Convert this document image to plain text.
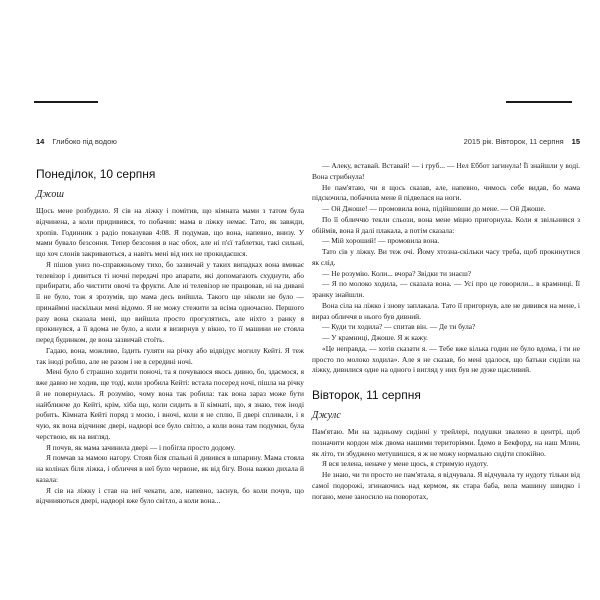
14 Глибоко під водою
Понеділок, 10 серпня
Джош

Щось мене розбудило. Я сів на ліжку і помітив, що кімната мами з татом була відчинена, а коли придивився, то побачив: мама в ліжку немає. Тато, як завжди, хропів. Годинник з радіо показував 4:08. Я подумав, що вона, напевно, внизу. У мами бувало безсоння. Тепер безсоння в нас обох, але ні п'єї таблетки, такі сильні, що хоч слонів закриваються, а навіть мені від них не прокидаєшся.

Я пішов униз по-справжньому тихо, бо зазвичай у таких випадках вона вмикає телевізор і дивиться ті ночні передачі про апарати, які допомагають схуднути, або прибирати, або чистити овочі та фрукти. Але ні телевізор не працював, ні на дивані її не було, тож я зрозумів, що мама десь вийшла. Такого ще ніколи не було — принаймні наскільки мені відомо. Я не можу стежити за всіма одночасно. Першого разу вона сказала мені, що вийшла просто прогулятись, але ніхто з ранку я прокинувся, а її вдома не було, а коли я визирнув у вікно, то її машини не стояла перед будинком, де вона зазвичай стоїть.

Гадаю, вона, можливо, їздить гуляти на річку або відвідує могилу Кейті. Я теж так іноді роблю, але не разом і не в середині ночі.

Мені було б страшно ходити поночі, та я почуваюся якось дивно, бо, здаємося, я вже давно не ходив, ще тоді, коли зробила Кейті: встала посеред ночі, пішла на річку й не повернулась. Я розумію, чому вона так робила: так вона зараз може бути найближче до Кейті, крім, хіба що, коли сидить в її кімнаті, що, я знаю, теж іноді робить. Кімната Кейті поряд з моєю, і вночі, коли я не сплю, її двері спливали, і я чую, як вона відчиняє двері, надворі все було світло, а коли вона там подумки, була черствою, як на вигляд.

Я почув, як мама зачинила двері — і побігла просто додому.

Я помчав за мамою нагору. Стояв біля спальні й дивився в шпарину. Мама стояла на колінах біля ліжка, і обличчя в неї було червоне, як від бігу. Вона важко дихала й казала:

Я сів на ліжку і став на неї чекати, але, напевно, заснув, бо коли почув, що відчиняються двері, надворі вже було світло, а коли вона...

2015 рік. Вівторок, 11 серпня 15

— Алеку, вставай. Вставай! — і груб... — Нел Еббот загинула! Її знайшли у воді. Вона стрибнула!

Не пам'ятаю, чи я щось сказав, але, напевно, чимось себе видав, бо мама підскочила, побачила мене й підвелася на ноги.

— Ой Джоше! — промовила вона, підійшовши до мене. — Ой Джоше.

По її обличчю текли сльози, вона мене міцно пригорнула. Коли я звільнився з обіймів, вона й далі плакала, а потім сказала:

— Мій хороший! — промовила вона.

Тато сів у ліжку. Ви теж очі. Йому хтозна-скільки часу треба, щоб прокинутися як слід.

— Не розумію. Коли... вчора? Звідки ти знаєш?

— Я по молоко ходила, — сказала вона. — Усі про це говорили... в крамниці. Її зранку знайшли.

Вона сіла на ліжко і знову заплакала. Тато її пригорнув, але не дивився на мене, і вираз обличчя в нього був дивний.

— Куди ти ходила? — спитав він. — Де ти була?

— У крамниці, Джоше. Я ж кажу.

«Це неправда, — хотів сказати я. — Тебе вже кілька годин не було вдома, і ти не просто по молоко ходила». Але я не сказав, бо мені здалося, що батьки сиділи на ліжку, дивилися одне на одного і вигляд у них був не дуже щасливий.

Вівторок, 11 серпня
Джулс

Пам'ятаю. Ми на задньому сидінні у трейлері, подушки звалено в центрі, щоб позначити кордон між двома нашими територіями. Їдемо в Бекфорд, на наш Млин, як літо, ти збуджено метушишся, я ж не можу нормально сидіти спокійно.

Я вся зелена, неначе у мене щось, я стримую нудоту.

Не знаю, чи ти просто не пам'ятала, я відчувала. Я відчувала ту нудоту тільки від самої подорожі, згинаючись над кермом, як стара баба, вела машину швидко і погано, мене заносило на поворотах,
